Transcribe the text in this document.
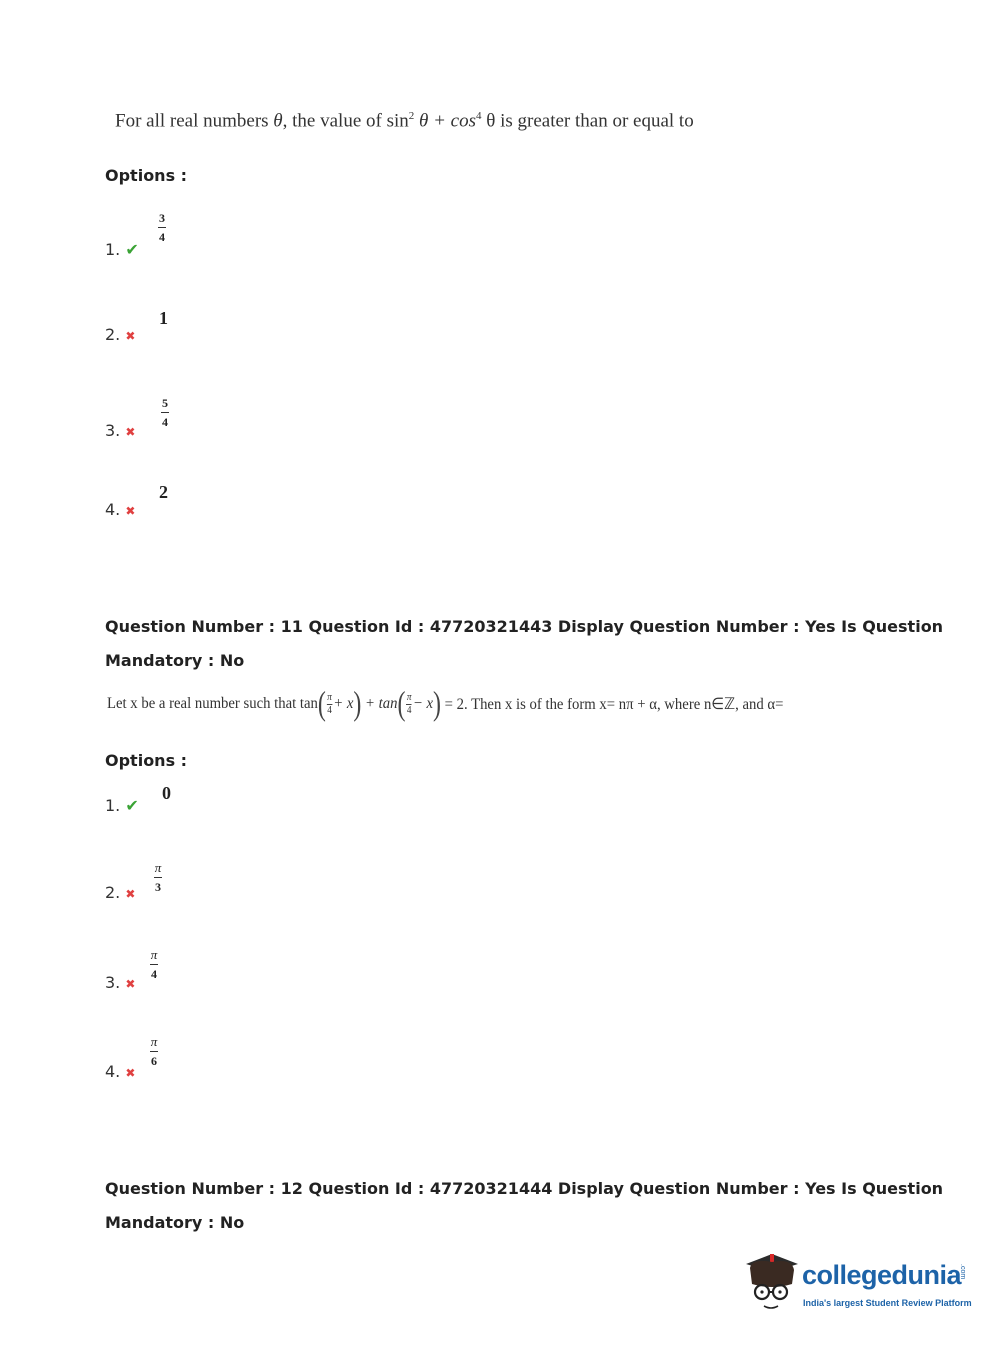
For all real numbers θ, the value of $\sin^2 \theta + \cos^4 \theta$ is greater than or equal to
Options :
1. ✔
3
4
2. ✖
1
3. ✖
5
4
4. ✖
2
Question Number : 11 Question Id : 47720321443 Display Question Number : Yes Is Question
Mandatory : No
Let x be a real number such that tan ( $\frac{\pi}{4} + x$ ) + tan ( $\frac{\pi}{4} - x$ ) = 2. Then x is of the form x= nπ + α, where n∈ℤ, and α=
Options :
1. ✔
0
2. ✖
π
3
3. ✖
π
4
4. ✖
π
6
Question Number : 12 Question Id : 47720321444 Display Question Number : Yes Is Question
Mandatory : No
collegedunia
.com
India's largest Student Review Platform
